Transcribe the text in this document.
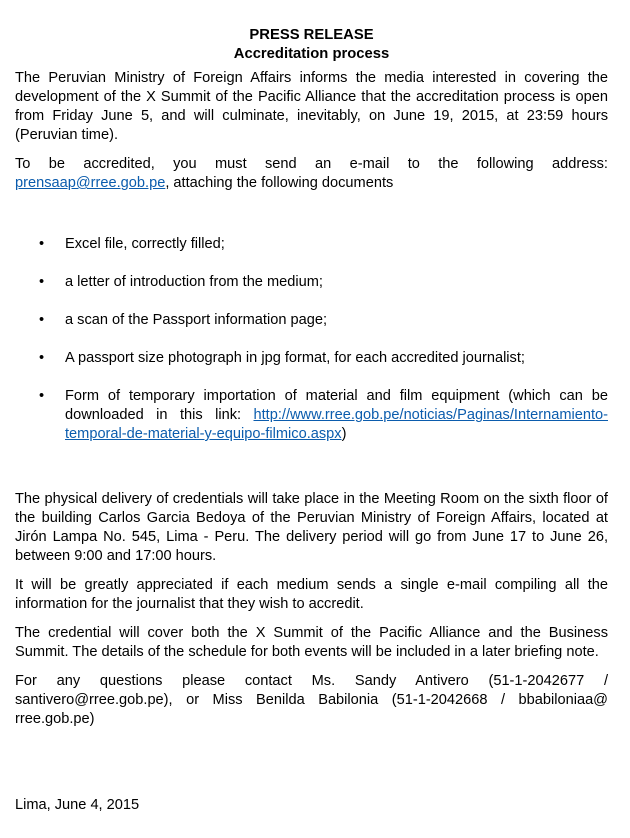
PRESS RELEASE
Accreditation process

The Peruvian Ministry of Foreign Affairs informs the media interested in covering the development of the X Summit of the Pacific Alliance that the accreditation process is open from Friday June 5, and will culminate, inevitably, on June 19, 2015, at 23:59 hours (Peruvian time).

To be accredited, you must send an e-mail to the following address: prensaap@rree.gob.pe, attaching the following documents

• Excel file, correctly filled;
• a letter of introduction from the medium;
• a scan of the Passport information page;
• A passport size photograph in jpg format, for each accredited journalist;
• Form of temporary importation of material and film equipment (which can be downloaded in this link: http://www.rree.gob.pe/noticias/Paginas/Internamiento-temporal-de-material-y-equipo-filmico.aspx)

The physical delivery of credentials will take place in the Meeting Room on the sixth floor of the building Carlos Garcia Bedoya of the Peruvian Ministry of Foreign Affairs, located at Jirón Lampa No. 545, Lima - Peru. The delivery period will go from June 17 to June 26, between 9:00 and 17:00 hours.

It will be greatly appreciated if each medium sends a single e-mail compiling all the information for the journalist that they wish to accredit.

The credential will cover both the X Summit of the Pacific Alliance and the Business Summit. The details of the schedule for both events will be included in a later briefing note.

For any questions please contact Ms. Sandy Antivero (51-1-2042677 / santivero@rree.gob.pe), or Miss Benilda Babilonia (51-1-2042668 / bbabiloniaa@ rree.gob.pe)

Lima, June 4, 2015
